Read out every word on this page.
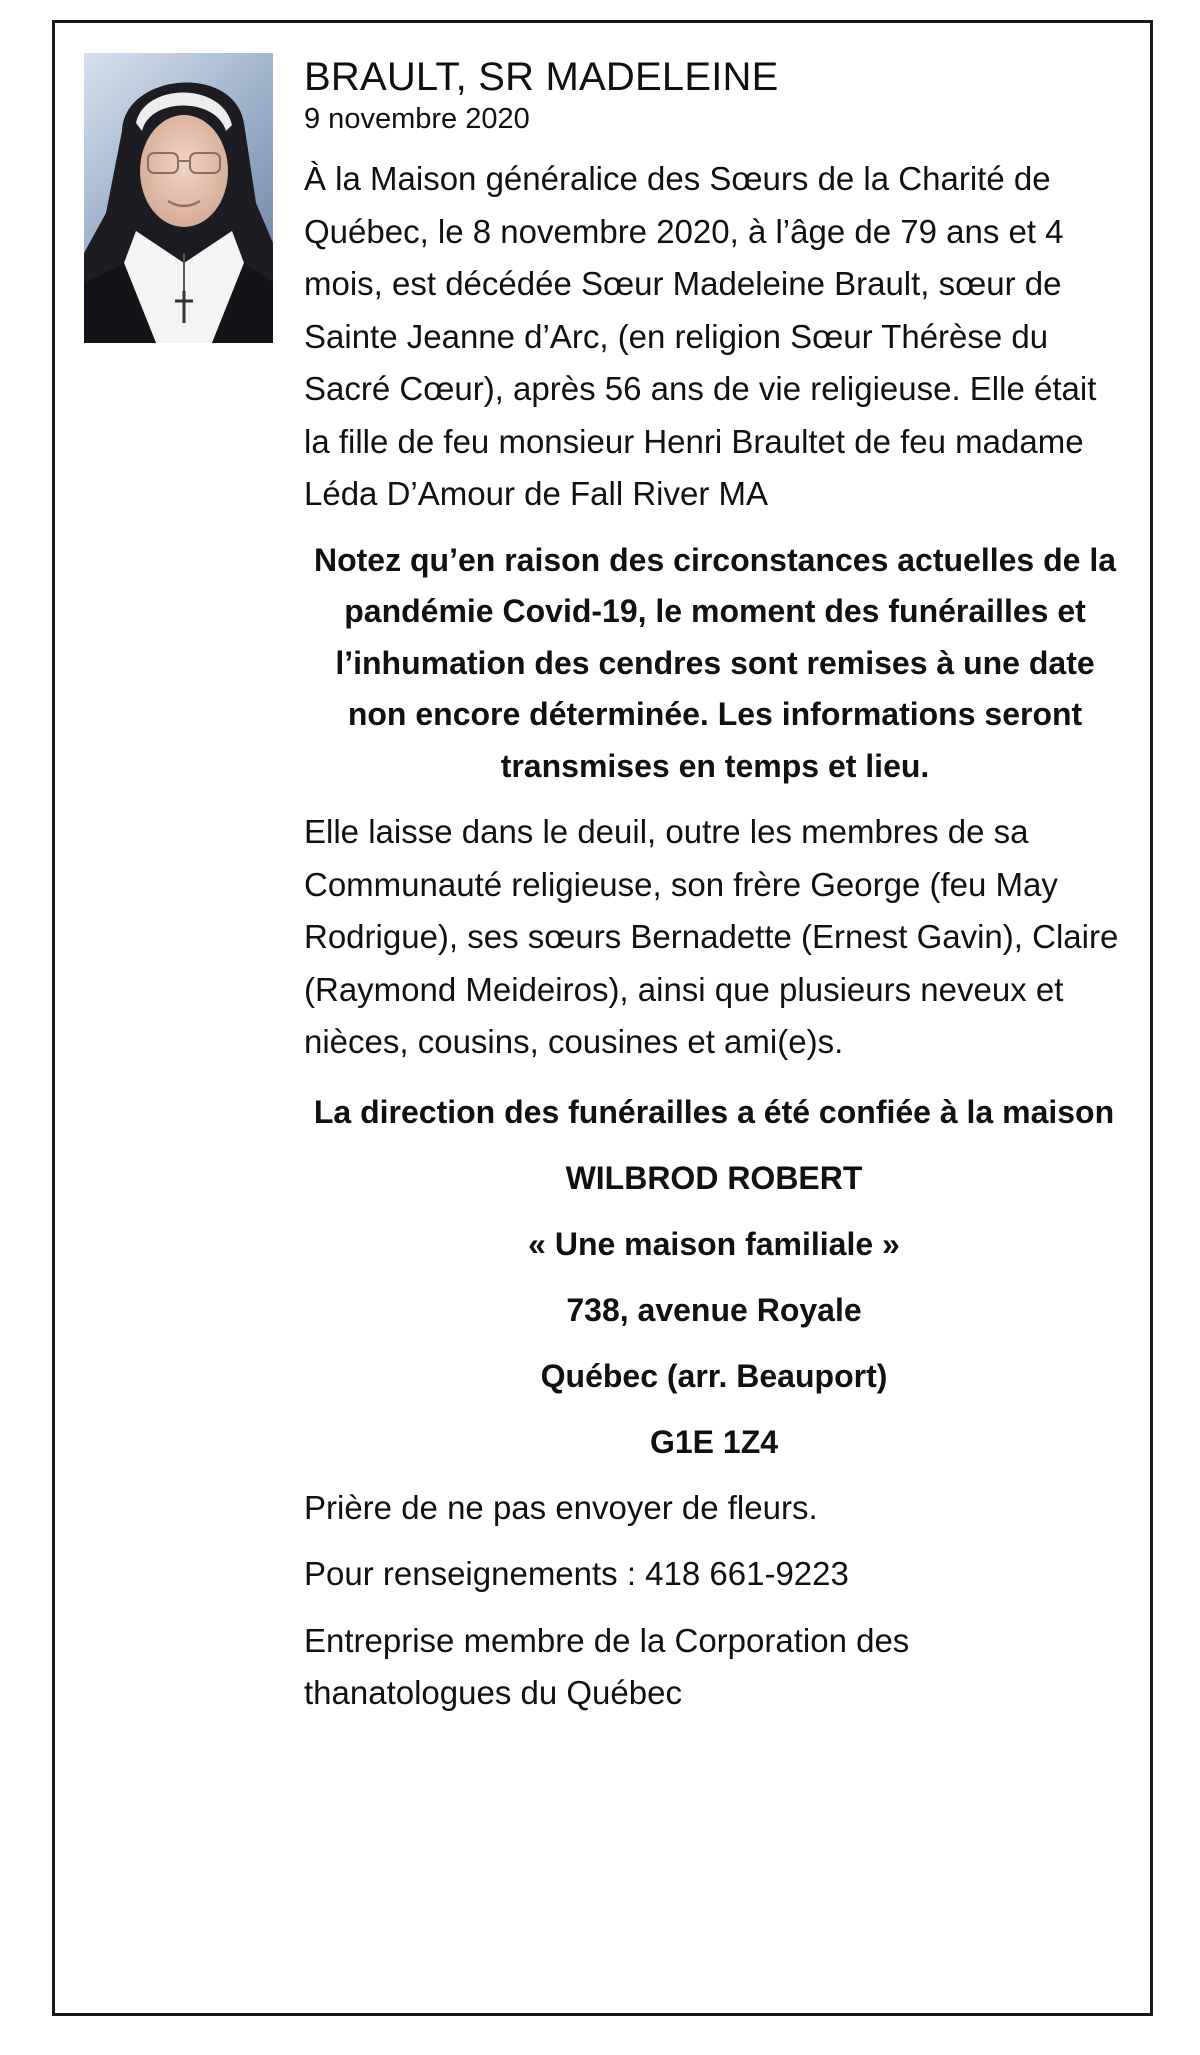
BRAULT, SR MADELEINE

9 novembre 2020

À la Maison généralice des Sœurs de la Charité de Québec, le 8 novembre 2020, à l’âge de 79 ans et 4 mois, est décédée Sœur Madeleine Brault, sœur de Sainte Jeanne d’Arc, (en religion Sœur Thérèse du Sacré Cœur), après 56 ans de vie religieuse. Elle était la fille de feu monsieur Henri Braultet de feu madame Léda D’Amour de Fall River MA

Notez qu’en raison des circonstances actuelles de la pandémie Covid-19, le moment des funérailles et l’inhumation des cendres sont remises à une date non encore déterminée. Les informations seront transmises en temps et lieu.

Elle laisse dans le deuil, outre les membres de sa Communauté religieuse, son frère George (feu May Rodrigue), ses sœurs Bernadette (Ernest Gavin), Claire (Raymond Meideiros), ainsi que plusieurs neveux et nièces, cousins, cousines et ami(e)s.

La direction des funérailles a été confiée à la maison

WILBROD ROBERT

« Une maison familiale »

738, avenue Royale

Québec (arr. Beauport)

G1E 1Z4

Prière de ne pas envoyer de fleurs.

Pour renseignements : 418 661-9223

Entreprise membre de la Corporation des thanatologues du Québec
